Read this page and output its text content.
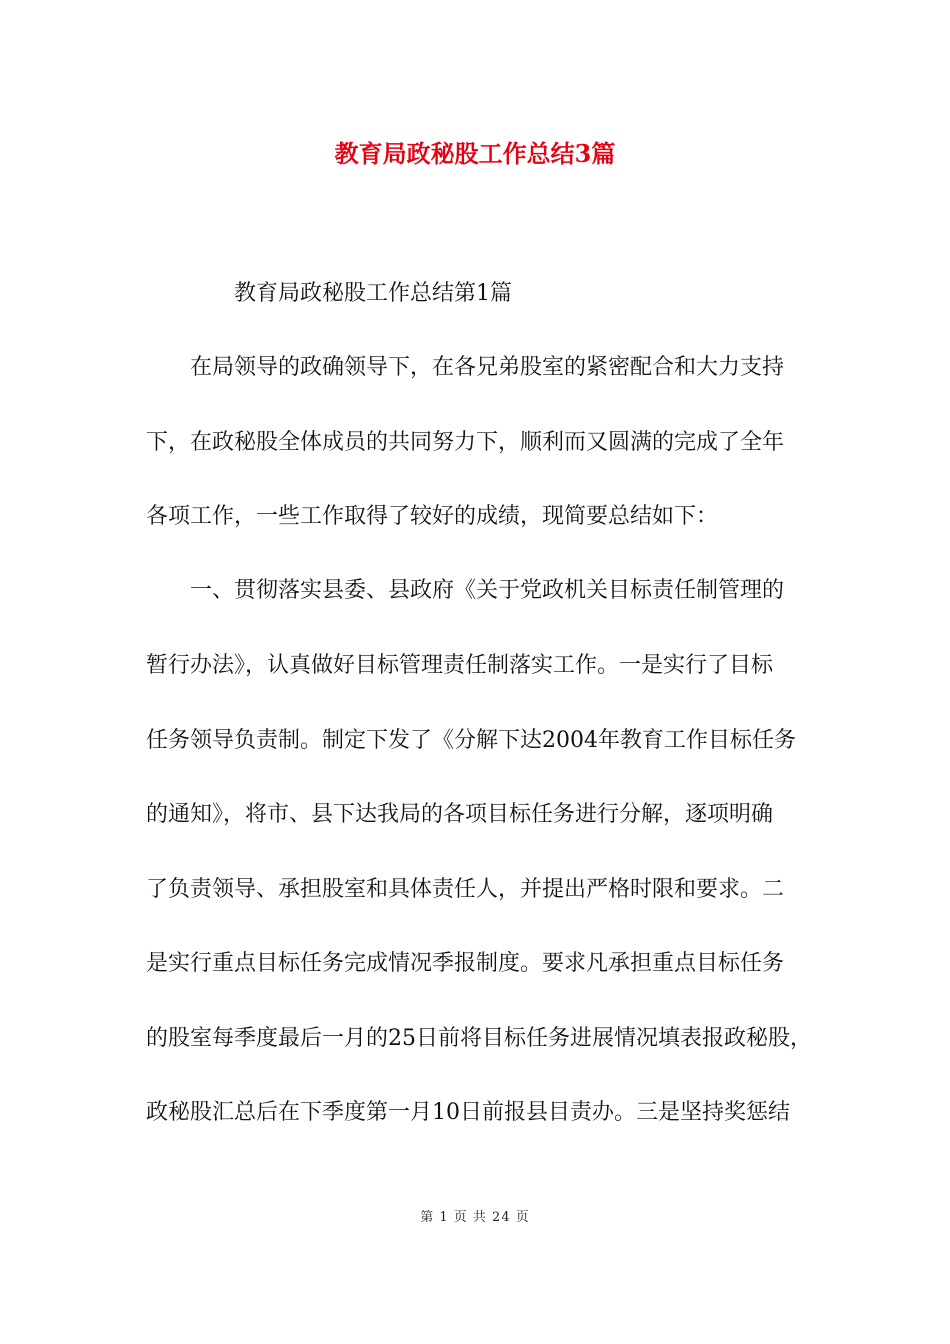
教育局政秘股工作总结3篇

教育局政秘股工作总结第1篇

在局领导的政确领导下，在各兄弟股室的紧密配合和大力支持

下，在政秘股全体成员的共同努力下，顺利而又圆满的完成了全年

各项工作，一些工作取得了较好的成绩，现简要总结如下：

一、贯彻落实县委、县政府《关于党政机关目标责任制管理的

暂行办法》，认真做好目标管理责任制落实工作。一是实行了目标

任务领导负责制。制定下发了《分解下达2004年教育工作目标任务

的通知》，将市、县下达我局的各项目标任务进行分解，逐项明确

了负责领导、承担股室和具体责任人，并提出严格时限和要求。二

是实行重点目标任务完成情况季报制度。要求凡承担重点目标任务

的股室每季度最后一月的25日前将目标任务进展情况填表报政秘股，

政秘股汇总后在下季度第一月10日前报县目责办。三是坚持奖惩结

第 1 页 共 24 页
